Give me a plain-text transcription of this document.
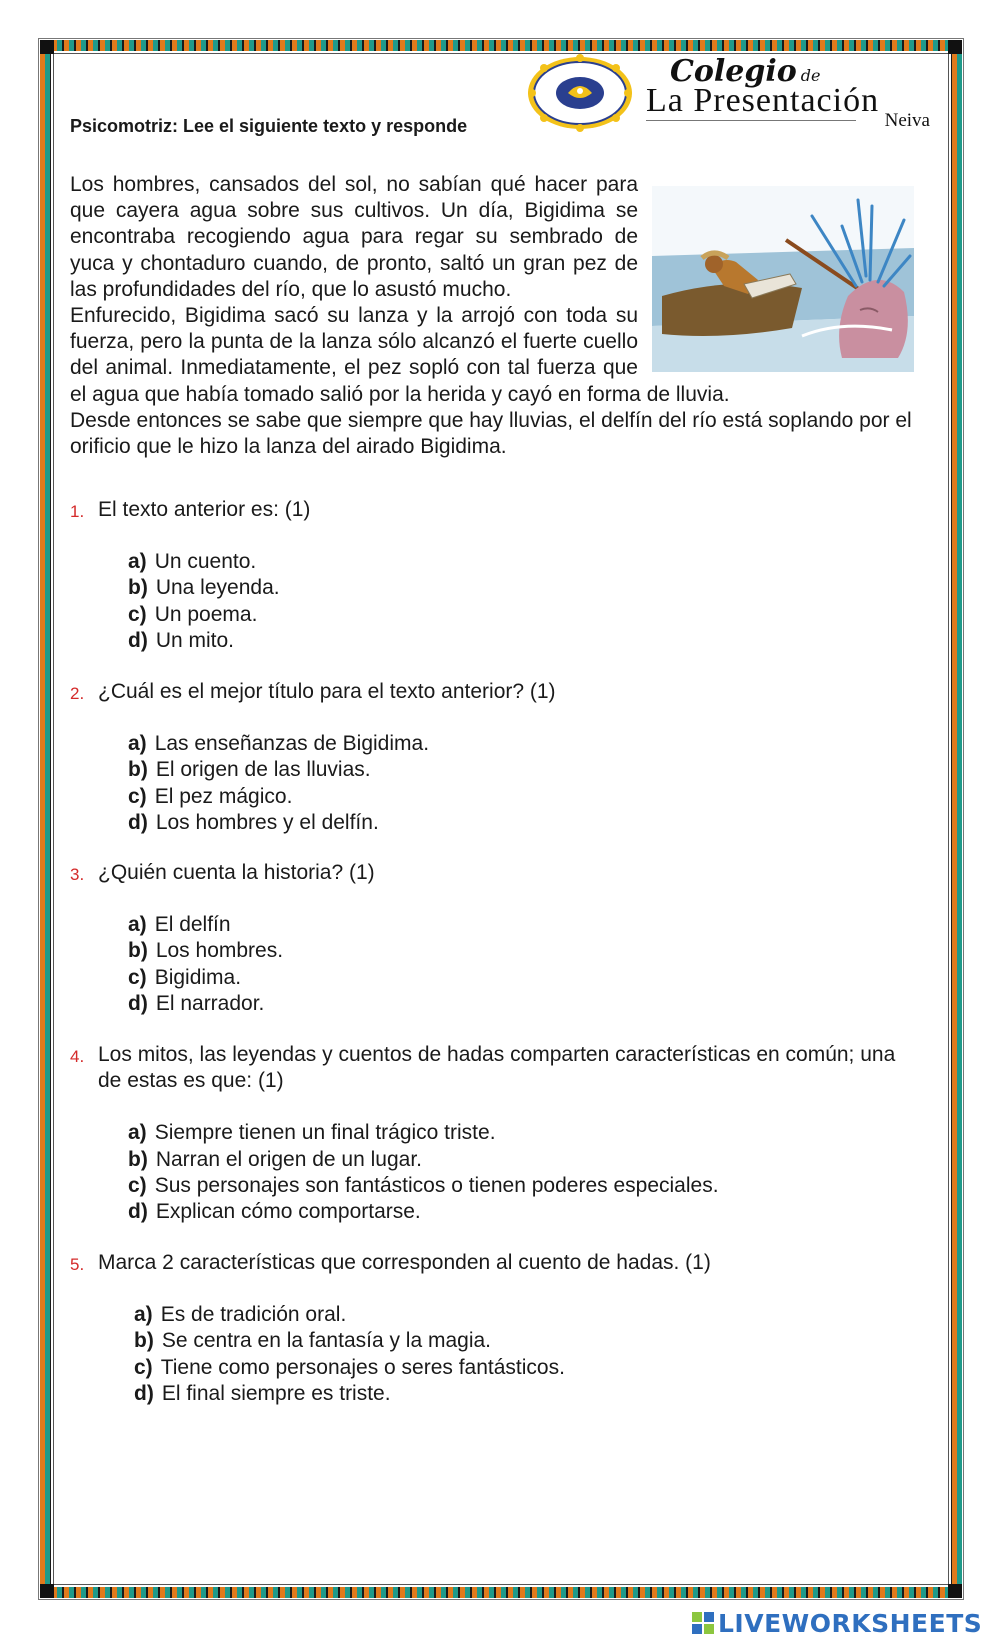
Psicomotriz: Lee el siguiente texto y responde

Colegio de
La Presentación
Neiva

Los hombres, cansados del sol, no sabían qué hacer para que cayera agua sobre sus cultivos. Un día, Bigidima se encontraba recogiendo agua para regar su sembrado de yuca y chontaduro cuando, de pronto, saltó un gran pez de las profundidades del río, que lo asustó mucho.

Enfurecido, Bigidima sacó su lanza y la arrojó con toda su fuerza, pero la punta de la lanza sólo alcanzó el fuerte cuello del animal. Inmediatamente, el pez sopló con tal fuerza que el agua que había tomado salió por la herida y cayó en forma de lluvia.

Desde entonces se sabe que siempre que hay lluvias, el delfín del río está soplando por el orificio que le hizo la lanza del airado Bigidima.

1. El texto anterior es: (1)
a) Un cuento.
b) Una leyenda.
c) Un poema.
d) Un mito.
2. ¿Cuál es el mejor título para el texto anterior? (1)
a) Las enseñanzas de Bigidima.
b) El origen de las lluvias.
c) El pez mágico.
d) Los hombres y el delfín.
3. ¿Quién cuenta la historia? (1)
a) El delfín
b) Los hombres.
c) Bigidima.
d) El narrador.
4. Los mitos, las leyendas y cuentos de hadas comparten características en común; una de estas es que: (1)
a) Siempre tienen un final trágico triste.
b) Narran el origen de un lugar.
c) Sus personajes son fantásticos o tienen poderes especiales.
d) Explican cómo comportarse.
5. Marca 2 características que corresponden al cuento de hadas. (1)
a) Es de tradición oral.
b) Se centra en la fantasía y la magia.
c) Tiene como personajes o seres fantásticos.
d) El final siempre es triste.
LIVEWORKSHEETS
